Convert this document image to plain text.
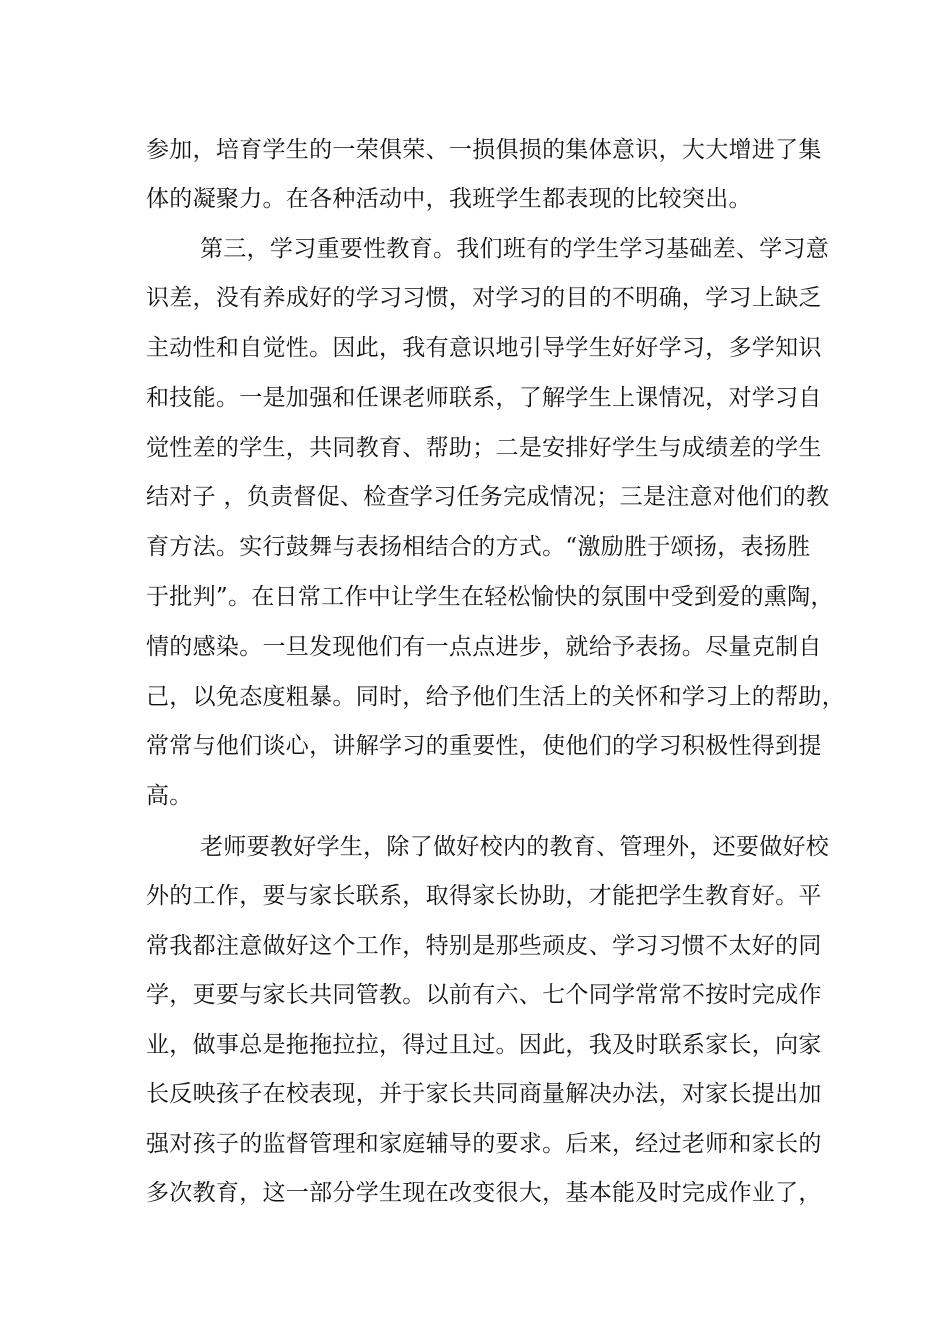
参加，培育学生的一荣俱荣、一损俱损的集体意识，大大增进了集
体的凝聚力。在各种活动中，我班学生都表现的比较突出。
第三，学习重要性教育。我们班有的学生学习基础差、学习意
识差，没有养成好的学习习惯，对学习的目的不明确，学习上缺乏
主动性和自觉性。因此，我有意识地引导学生好好学习，多学知识
和技能。一是加强和任课老师联系，了解学生上课情况，对学习自
觉性差的学生，共同教育、帮助；二是安排好学生与成绩差的学生
结对子 ，负责督促、检查学习任务完成情况；三是注意对他们的教
育方法。实行鼓舞与表扬相结合的方式。“激励胜于颂扬，表扬胜
于批判”。在日常工作中让学生在轻松愉快的氛围中受到爱的熏陶，
情的感染。一旦发现他们有一点点进步，就给予表扬。尽量克制自
己，以免态度粗暴。同时，给予他们生活上的关怀和学习上的帮助，
常常与他们谈心，讲解学习的重要性，使他们的学习积极性得到提
高。
老师要教好学生，除了做好校内的教育、管理外，还要做好校
外的工作，要与家长联系，取得家长协助，才能把学生教育好。平
常我都注意做好这个工作，特别是那些顽皮、学习习惯不太好的同
学，更要与家长共同管教。以前有六、七个同学常常不按时完成作
业，做事总是拖拖拉拉，得过且过。因此，我及时联系家长，向家
长反映孩子在校表现，并于家长共同商量解决办法，对家长提出加
强对孩子的监督管理和家庭辅导的要求。后来，经过老师和家长的
多次教育，这一部分学生现在改变很大，基本能及时完成作业了，
